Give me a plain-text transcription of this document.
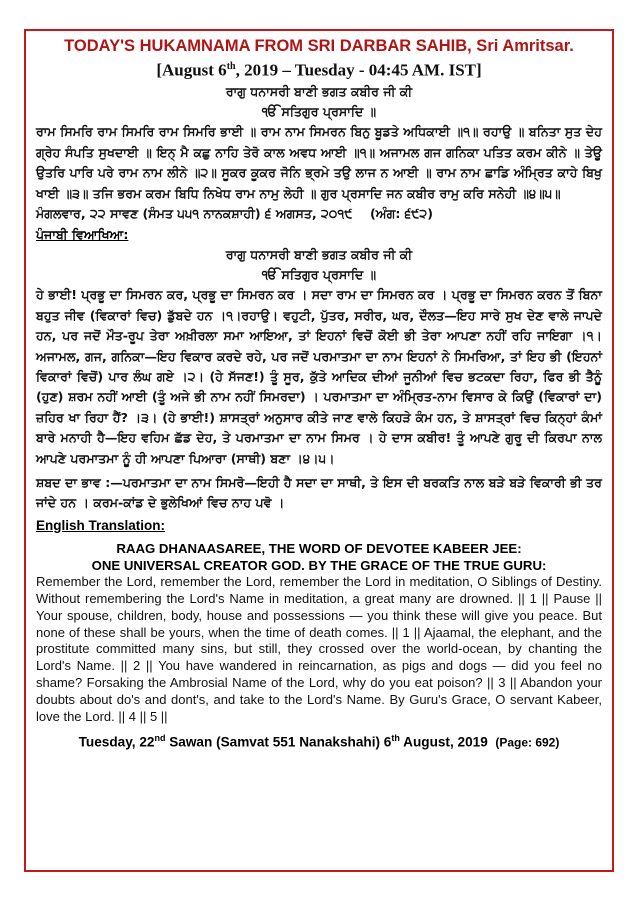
TODAY'S HUKAMNAMA FROM SRI DARBAR SAHIB, Sri Amritsar.

[August 6th, 2019 – Tuesday - 04:45 AM. IST]

ਰਾਗੁ ਧਨਾਸਰੀ ਬਾਣੀ ਭਗਤ ਕਬੀਰ ਜੀ ਕੀ

ੴ ਸਤਿਗੁਰ ਪ੍ਰਸਾਦਿ ॥

ਰਾਮ ਸਿਮਰਿ ਰਾਮ ਸਿਮਰਿ ਰਾਮ ਸਿਮਰਿ ਭਾਈ ॥ ਰਾਮ ਨਾਮ ਸਿਮਰਨ ਬਿਨੁ ਬੂਡਤੇ ਅਧਿਕਾਈ ॥੧॥ ਰਹਾਉ ॥ ਬਨਿਤਾ ਸੁਤ ਦੇਹ ਗ੍ਰੇਹ ਸੰਪਤਿ ਸੁਖਦਾਈ ॥ ਇਨ੍ ਮੈ ਕਛੁ ਨਾਹਿ ਤੇਰੋ ਕਾਲ ਅਵਧ ਆਈ ॥੧॥ ਅਜਾਮਲ ਗਜ ਗਨਿਕਾ ਪਤਿਤ ਕਰਮ ਕੀਨੇ ॥ ਤੇਊ ਉਤਰਿ ਪਾਰਿ ਪਰੇ ਰਾਮ ਨਾਮ ਲੀਨੇ ॥੨॥ ਸੂਕਰ ਕੂਕਰ ਜੋਨਿ ਭ੍ਰਮੇ ਤਉ ਲਾਜ ਨ ਆਈ ॥ ਰਾਮ ਨਾਮ ਛਾਡਿ ਅੰਮ੍ਰਿਤ ਕਾਹੇ ਬਿਖੁ ਖਾਈ ॥੩॥ ਤਜਿ ਭਰਮ ਕਰਮ ਬਿਧਿ ਨਿਖੇਧ ਰਾਮ ਨਾਮੁ ਲੇਹੀ ॥ ਗੁਰ ਪ੍ਰਸਾਦਿ ਜਨ ਕਬੀਰ ਰਾਮੁ ਕਰਿ ਸਨੇਹੀ ॥੪॥੫॥

ਮੰਗਲਵਾਰ, ੨੨ ਸਾਵਣ (ਸੰਮਤ ੫੫੧ ਨਾਨਕਸ਼ਾਹੀ) ੬ ਅਗਸਤ, ੨੦੧੯ (ਅੰਗ: ੬੯੨)

ਪੰਜਾਬੀ ਵਿਆਖਿਆ:

ਰਾਗੁ ਧਨਾਸਰੀ ਬਾਣੀ ਭਗਤ ਕਬੀਰ ਜੀ ਕੀ

ੴ ਸਤਿਗੁਰ ਪ੍ਰਸਾਦਿ ॥

ਹੇ ਭਾਈ! ਪ੍ਰਭੂ ਦਾ ਸਿਮਰਨ ਕਰ, ਪ੍ਰਭੂ ਦਾ ਸਿਮਰਨ ਕਰ । ਸਦਾ ਰਾਮ ਦਾ ਸਿਮਰਨ ਕਰ । ਪ੍ਰਭੂ ਦਾ ਸਿਮਰਨ ਕਰਨ ਤੋਂ ਬਿਨਾ ਬਹੁਤ ਜੀਵ (ਵਿਕਾਰਾਂ ਵਿਚ) ਡੁੱਬਦੇ ਹਨ ।੧।ਰਹਾਉ। ਵਹੁਟੀ, ਪੁੱਤਰ, ਸਰੀਰ, ਘਰ, ਦੌਲਤ—ਇਹ ਸਾਰੇ ਸੁਖ ਦੇਣ ਵਾਲੇ ਜਾਪਦੇ ਹਨ, ਪਰ ਜਦੋਂ ਮੌਤ-ਰੂਪ ਤੇਰਾ ਅਖ਼ੀਰਲਾ ਸਮਾ ਆਇਆ, ਤਾਂ ਇਹਨਾਂ ਵਿਚੋਂ ਕੋਈ ਭੀ ਤੇਰਾ ਆਪਣਾ ਨਹੀਂ ਰਹਿ ਜਾਇਗਾ ।੧। ਅਜਾਮਲ, ਗਜ, ਗਨਿਕਾ—ਇਹ ਵਿਕਾਰ ਕਰਦੇ ਰਹੇ, ਪਰ ਜਦੋਂ ਪਰਮਾਤਮਾ ਦਾ ਨਾਮ ਇਹਨਾਂ ਨੇ ਸਿਮਰਿਆ, ਤਾਂ ਇਹ ਭੀ (ਇਹਨਾਂ ਵਿਕਾਰਾਂ ਵਿਚੋਂ) ਪਾਰ ਲੰਘ ਗਏ ।੨। (ਹੇ ਸੱਜਣ!) ਤੂੰ ਸੂਰ, ਕੁੱਤੇ ਆਦਿਕ ਦੀਆਂ ਜੂਨੀਆਂ ਵਿਚ ਭਟਕਦਾ ਰਿਹਾ, ਫਿਰ ਭੀ ਤੈਨੂੰ (ਹੁਣ) ਸ਼ਰਮ ਨਹੀਂ ਆਈ (ਤੂੰ ਅਜੇ ਭੀ ਨਾਮ ਨਹੀਂ ਸਿਮਰਦਾ) । ਪਰਮਾਤਮਾ ਦਾ ਅੰਮ੍ਰਿਤ-ਨਾਮ ਵਿਸਾਰ ਕੇ ਕਿਉਂ (ਵਿਕਾਰਾਂ ਦਾ) ਜ਼ਹਿਰ ਖਾ ਰਿਹਾ ਹੈਂ? ।੩। (ਹੇ ਭਾਈ!) ਸ਼ਾਸਤ੍ਰਾਂ ਅਨੁਸਾਰ ਕੀਤੇ ਜਾਣ ਵਾਲੇ ਕਿਹੜੇ ਕੰਮ ਹਨ, ਤੇ ਸ਼ਾਸਤ੍ਰਾਂ ਵਿਚ ਕਿਨ੍ਹਾਂ ਕੰਮਾਂ ਬਾਰੇ ਮਨਾਹੀ ਹੈ—ਇਹ ਵਹਿਮ ਛੱਡ ਦੇਹ, ਤੇ ਪਰਮਾਤਮਾ ਦਾ ਨਾਮ ਸਿਮਰ । ਹੇ ਦਾਸ ਕਬੀਰ! ਤੂੰ ਆਪਣੇ ਗੁਰੂ ਦੀ ਕਿਰਪਾ ਨਾਲ ਆਪਣੇ ਪਰਮਾਤਮਾ ਨੂੰ ਹੀ ਆਪਣਾ ਪਿਆਰਾ (ਸਾਥੀ) ਬਣਾ ।੪।੫।

ਸ਼ਬਦ ਦਾ ਭਾਵ :—ਪਰਮਾਤਮਾ ਦਾ ਨਾਮ ਸਿਮਰੋ—ਇਹੀ ਹੈ ਸਦਾ ਦਾ ਸਾਥੀ, ਤੇ ਇਸ ਦੀ ਬਰਕਤਿ ਨਾਲ ਬੜੇ ਬੜੇ ਵਿਕਾਰੀ ਭੀ ਤਰ ਜਾਂਦੇ ਹਨ । ਕਰਮ-ਕਾਂਡ ਦੇ ਭੁਲੇਖਿਆਂ ਵਿਚ ਨਾਹ ਪਵੋ ।

English Translation:

RAAG DHANAASAREE, THE WORD OF DEVOTEE KABEER JEE:

ONE UNIVERSAL CREATOR GOD. BY THE GRACE OF THE TRUE GURU:

Remember the Lord, remember the Lord, remember the Lord in meditation, O Siblings of Destiny. Without remembering the Lord's Name in meditation, a great many are drowned. || 1 || Pause || Your spouse, children, body, house and possessions — you think these will give you peace. But none of these shall be yours, when the time of death comes. || 1 || Ajaamal, the elephant, and the prostitute committed many sins, but still, they crossed over the world-ocean, by chanting the Lord's Name. || 2 || You have wandered in reincarnation, as pigs and dogs — did you feel no shame? Forsaking the Ambrosial Name of the Lord, why do you eat poison? || 3 || Abandon your doubts about do's and dont's, and take to the Lord's Name. By Guru's Grace, O servant Kabeer, love the Lord. || 4 || 5 ||

Tuesday, 22nd Sawan (Samvat 551 Nanakshahi) 6th August, 2019 (Page: 692)
